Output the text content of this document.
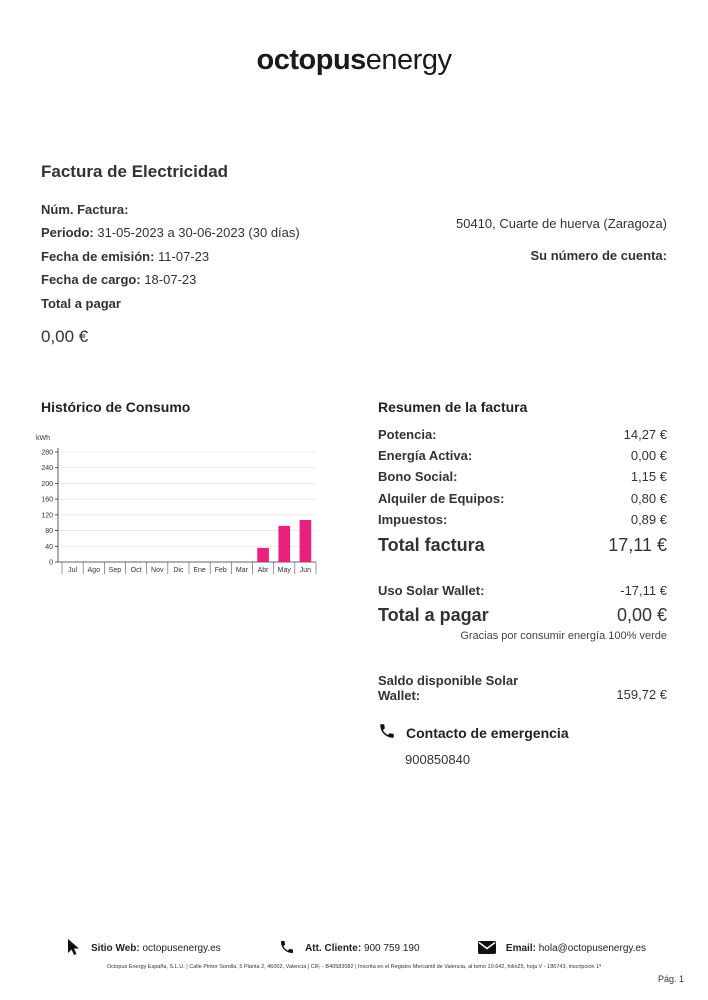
octopusenergy
Factura de Electricidad
Núm. Factura:
Periodo: 31-05-2023 a 30-06-2023 (30 días)
Fecha de emisión: 11-07-23
Fecha de cargo: 18-07-23
Total a pagar
0,00 €
50410, Cuarte de huerva (Zaragoza)
Su número de cuenta:
Histórico de Consumo
kWh
0
40
80
120
160
200
240
280
Jul Ago Sep Oct Nov Dic Ene Feb Mar Abr May Jun
Resumen de la factura
Potencia:	14,27 €
Energía Activa:	0,00 €
Bono Social:	1,15 €
Alquiler de Equipos:	0,80 €
Impuestos:	0,89 €
Total factura	17,11 €
Uso Solar Wallet:	-17,11 €
Total a pagar	0,00 €
Gracias por consumir energía 100% verde
Saldo disponible Solar Wallet:	159,72 €
Contacto de emergencia
900850840
Sitio Web: octopusenergy.es	Att. Cliente: 900 759 190	Email: hola@octopusenergy.es
Octopus Energy España, S.L.U. | Calle Pintor Sorolla, 5 Planta 2, 46002, Valencia | CIF, - B40583082 | Inscrita en el Registro Mercantil de Valencia, al tomo 10.642, folio25, hoja V - 186743, inscripción 1ª
Pág. 1
